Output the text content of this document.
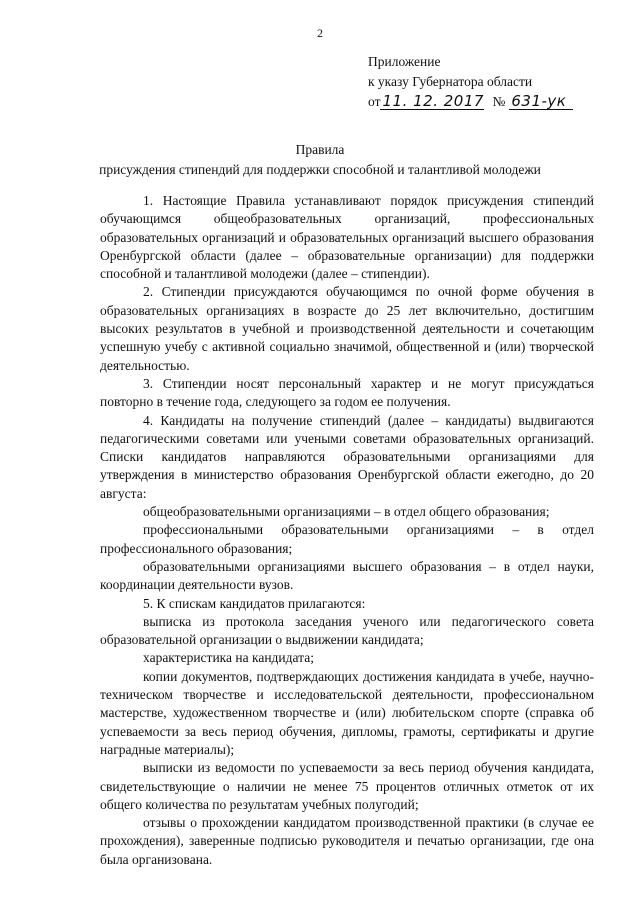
2
Приложение
к указу Губернатора области
от 11. 12. 2017 № 631-ук
Правила
присуждения стипендий для поддержки способной и талантливой молодежи

1. Настоящие Правила устанавливают порядок присуждения стипендий обучающимся общеобразовательных организаций, профессиональных образовательных организаций и образовательных организаций высшего образования Оренбургской области (далее – образовательные организации) для поддержки способной и талантливой молодежи (далее – стипендии).

2. Стипендии присуждаются обучающимся по очной форме обучения в образовательных организациях в возрасте до 25 лет включительно, достигшим высоких результатов в учебной и производственной деятельности и сочетающим успешную учебу с активной социально значимой, общественной и (или) творческой деятельностью.

3. Стипендии носят персональный характер и не могут присуждаться повторно в течение года, следующего за годом ее получения.

4. Кандидаты на получение стипендий (далее – кандидаты) выдвигаются педагогическими советами или учеными советами образовательных организаций. Списки кандидатов направляются образовательными организациями для утверждения в министерство образования Оренбургской области ежегодно, до 20 августа:

общеобразовательными организациями – в отдел общего образования;

профессиональными образовательными организациями – в отдел профессионального образования;

образовательными организациями высшего образования – в отдел науки, координации деятельности вузов.

5. К спискам кандидатов прилагаются:

выписка из протокола заседания ученого или педагогического совета образовательной организации о выдвижении кандидата;

характеристика на кандидата;

копии документов, подтверждающих достижения кандидата в учебе, научно-техническом творчестве и исследовательской деятельности, профессиональном мастерстве, художественном творчестве и (или) любительском спорте (справка об успеваемости за весь период обучения, дипломы, грамоты, сертификаты и другие наградные материалы);

выписки из ведомости по успеваемости за весь период обучения кандидата, свидетельствующие о наличии не менее 75 процентов отличных отметок от их общего количества по результатам учебных полугодий;

отзывы о прохождении кандидатом производственной практики (в случае ее прохождения), заверенные подписью руководителя и печатью организации, где она была организована.
